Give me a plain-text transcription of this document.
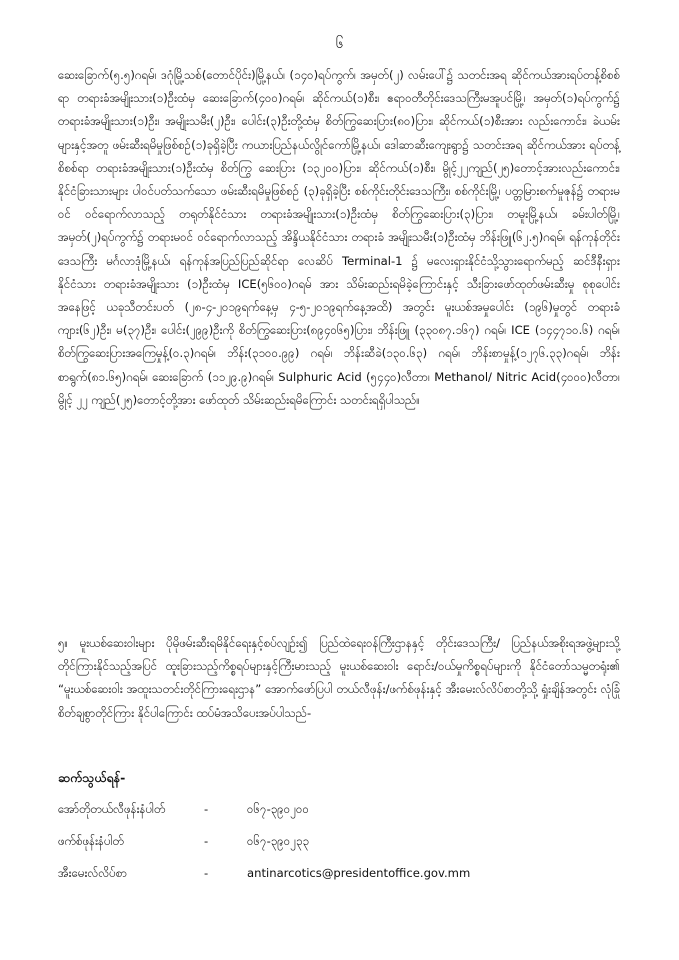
၆

ဆေးခြောက်(၅.၅)ဂရမ်၊ ဒဂုံမြို့သစ်(တောင်ပိုင်း)မြို့နယ်၊ (၁၄၀)ရပ်ကွက်၊ အမှတ်(၂) လမ်းပေါ်၌ သတင်းအရ ဆိုင်ကယ်အားရပ်တန့်စိစစ်ရာ တရားခံအမျိုးသား(၁)ဦးထံမှ ဆေးခြောက်(၄၀၀)ဂရမ်၊ ဆိုင်ကယ်(၁)စီး၊ ဧရာဝတီတိုင်းဒေသကြီးမအူပင်မြို့၊ အမှတ်(၁)ရပ်ကွက်၌ တရားခံအမျိုးသား(၁)ဦး၊ အမျိုးသမီး(၂)ဦး၊ ပေါင်း(၃)ဦးတို့ထံမှ စိတ်ကြွဆေးပြား(၈၀)ပြား၊ ဆိုင်ကယ်(၁)စီးအား လည်းကောင်း၊ ခဲယမ်းများနှင့်အတူ ဖမ်းဆီးရမိမှုဖြစ်စဉ်(၁)ခုရှိခဲ့ပြီး ကယားပြည်နယ်လွိုင်ကော်မြို့နယ်၊ ဒေါဆာဆီးကျေးရွာ၌ သတင်းအရ ဆိုင်ကယ်အား ရပ်တန့်စိစစ်ရာ တရားခံအမျိုးသား(၁)ဦးထံမှ စိတ်ကြွ ဆေးပြား (၁၃၂၀၀)ပြား၊ ဆိုင်ကယ်(၁)စီး၊ မွိုင့်၂၂ကျည်(၂၅)တောင့်အားလည်းကောင်း၊ နိုင်ငံခြားသားများ ပါဝင်ပတ်သက်သော ဖမ်းဆီးရမိမှုဖြစ်စဉ် (၃)ခုရှိခဲ့ပြီး စစ်ကိုင်းတိုင်းဒေသကြီး၊ စစ်ကိုင်းမြို့၊ ပတ္တမြားစက်မှုဇုန်၌ တရားမဝင် ဝင်ရောက်လာသည့် တရုတ်နိုင်ငံသား တရားခံအမျိုးသား(၁)ဦးထံမှ စိတ်ကြွဆေးပြား(၃)ပြား၊ တမူးမြို့နယ်၊ ခမ်းပါတ်မြို့၊ အမှတ်(၂)ရပ်ကွက်၌ တရားမဝင် ဝင်ရောက်လာသည့် အိန္ဒိယနိုင်ငံသား တရားခံ အမျိုးသမီး(၁)ဦးထံမှ ဘိန်းဖြူ(၆၂.၅)ဂရမ်၊ ရန်ကုန်တိုင်းဒေသကြီး မင်္ဂလာဒုံမြို့နယ်၊ ရန်ကုန်အပြည်ပြည်ဆိုင်ရာ လေဆိပ် Terminal-1 ၌ မလေးရှားနိုင်ငံသို့သွားရောက်မည့် ဆင်ဒီနီးရှားနိုင်ငံသား တရားခံအမျိုးသား (၁)ဦးထံမှ ICE(၅၆၀၀)ဂရမ် အား သိမ်းဆည်းရမိခဲ့ကြောင်းနှင့် သီးခြားဖော်ထုတ်ဖမ်းဆီးမှု စုစုပေါင်းအနေဖြင့် ယခုသီတင်းပတ် (၂၈-၄-၂၀၁၉ရက်နေ့မှ ၄-၅-၂၀၁၉ရက်နေ့အထိ) အတွင်း မူးယစ်အမှုပေါင်း (၁၉၆)မှုတွင် တရားခံကျား(၆၂)ဦး၊ မ(၃၇)ဦး၊ ပေါင်း(၂၉၉)ဦးကို စိတ်ကြွဆေးပြား(၈၉၄၀၆၅)ပြား၊ ဘိန်းဖြူ (၃၃၀၈၇.၁၆၇) ဂရမ်၊ ICE (၁၄၄၇၁၀.၆) ဂရမ်၊ စိတ်ကြွဆေးပြားအကြေမှုန့်(၀.၃)ဂရမ်၊ ဘိန်း(၃၁၀၀.၉၉) ဂရမ်၊ ဘိန်းဆီခဲ(၁၃၀.၆၃) ဂရမ်၊ ဘိန်းစာမှုန့်(၁၂၇၆.၃၃)ဂရမ်၊ ဘိန်းစာရွက်(၈၁.၆၅)ဂရမ်၊ ဆေးခြောက် (၁၁၂၉.၉)ဂရမ်၊ Sulphuric Acid (၅၄၄၀)လီတာ၊ Methanol/ Nitric Acid(၄၀၀၀)လီတာ၊ မွိုင့် ၂၂ ကျည်(၂၅)တောင့်တို့အား ဖော်ထုတ် သိမ်းဆည်းရမိကြောင်း သတင်းရရှိပါသည်။

၅။ မူးယစ်ဆေးဝါးများ ပိုမိုဖမ်းဆီးရမိနိုင်ရေးနှင့်စပ်လျဉ်း၍ ပြည်ထဲရေးဝန်ကြီးဌာနနှင့် တိုင်းဒေသကြီး/ ပြည်နယ်အစိုးရအဖွဲ့များသို့ တိုင်ကြားနိုင်သည့်အပြင် ထူးခြားသည့်ကိစ္စရပ်များနှင့်ကြီးမားသည့် မူးယစ်ဆေးဝါး ရောင်း/ဝယ်မှုကိစ္စရပ်များကို နိုင်ငံတော်သမ္မတရုံး၏ “မူးယစ်ဆေးဝါး အထူးသတင်းတိုင်ကြားရေးဌာန” အောက်ဖော်ပြပါ တယ်လီဖုန်း/ဖက်စ်ဖုန်းနှင့် အီးမေးလ်လိပ်စာတို့သို့ ရှုံးချိန်အတွင်း လုံခြုံစိတ်ချစွာတိုင်ကြား နိုင်ပါကြောင်း ထပ်မံအသိပေးအပ်ပါသည်-

ဆက်သွယ်ရန်-
အော်တိုတယ်လီဖုန်းနံပါတ်	-	၀၆၇-၃၉၀၂၀၀
ဖက်စ်ဖုန်းနံပါတ်	-	၀၆၇-၃၉၀၂၃၃
အီးမေးလ်လိပ်စာ	-	antinarcotics@presidentoffice.gov.mm
